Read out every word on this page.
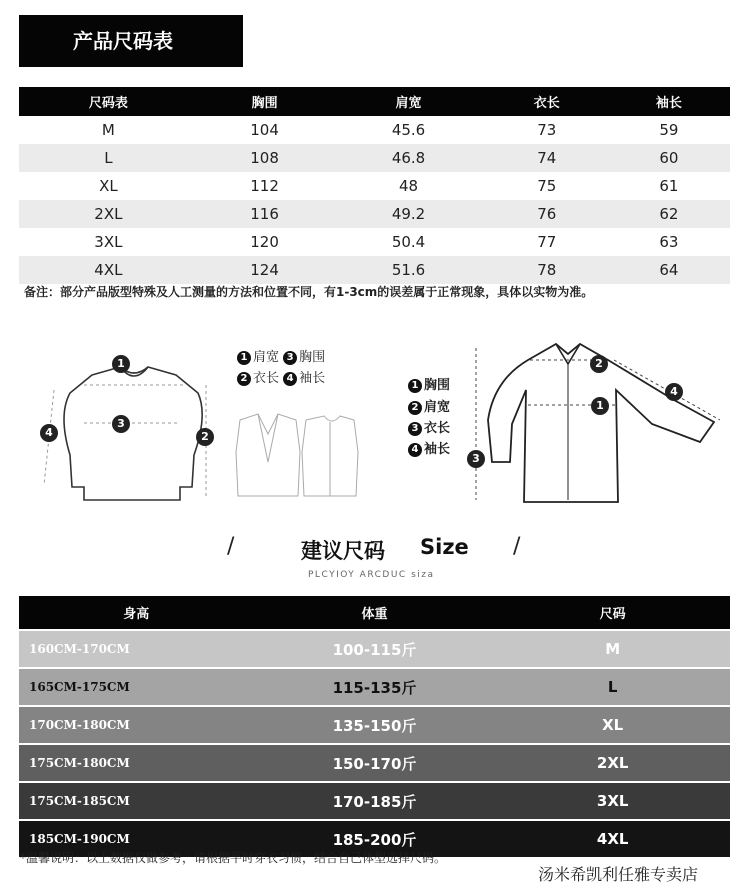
产品尺码表
尺码表	胸围	肩宽	衣长	袖长
M	104	45.6	73	59
L	108	46.8	74	60
XL	112	48	75	61
2XL	116	49.2	76	62
3XL	120	50.4	77	63
4XL	124	51.6	78	64
备注：部分产品版型特殊及人工测量的方法和位置不同，有1-3cm的误差属于正常现象，具体以实物为准。
1
2
3
4
1 肩宽 3 胸围
2 衣长 4 袖长
1
2
3
4
1 胸围
2 肩宽
3 衣长
4 袖长
/	建议尺码 Size /
PLCYIOY ARCDUC siza
身高	体重	尺码
160CM-170CM	100-115斤	M
165CM-175CM	115-135斤	L
170CM-180CM	135-150斤	XL
175CM-180CM	150-170斤	2XL
175CM-185CM	170-185斤	3XL
185CM-190CM	185-200斤	4XL
*温馨说明：以上数据仅做参考，请根据平时穿衣习惯，结合自己体型选择尺码。
汤米希凯利任雅专卖店
